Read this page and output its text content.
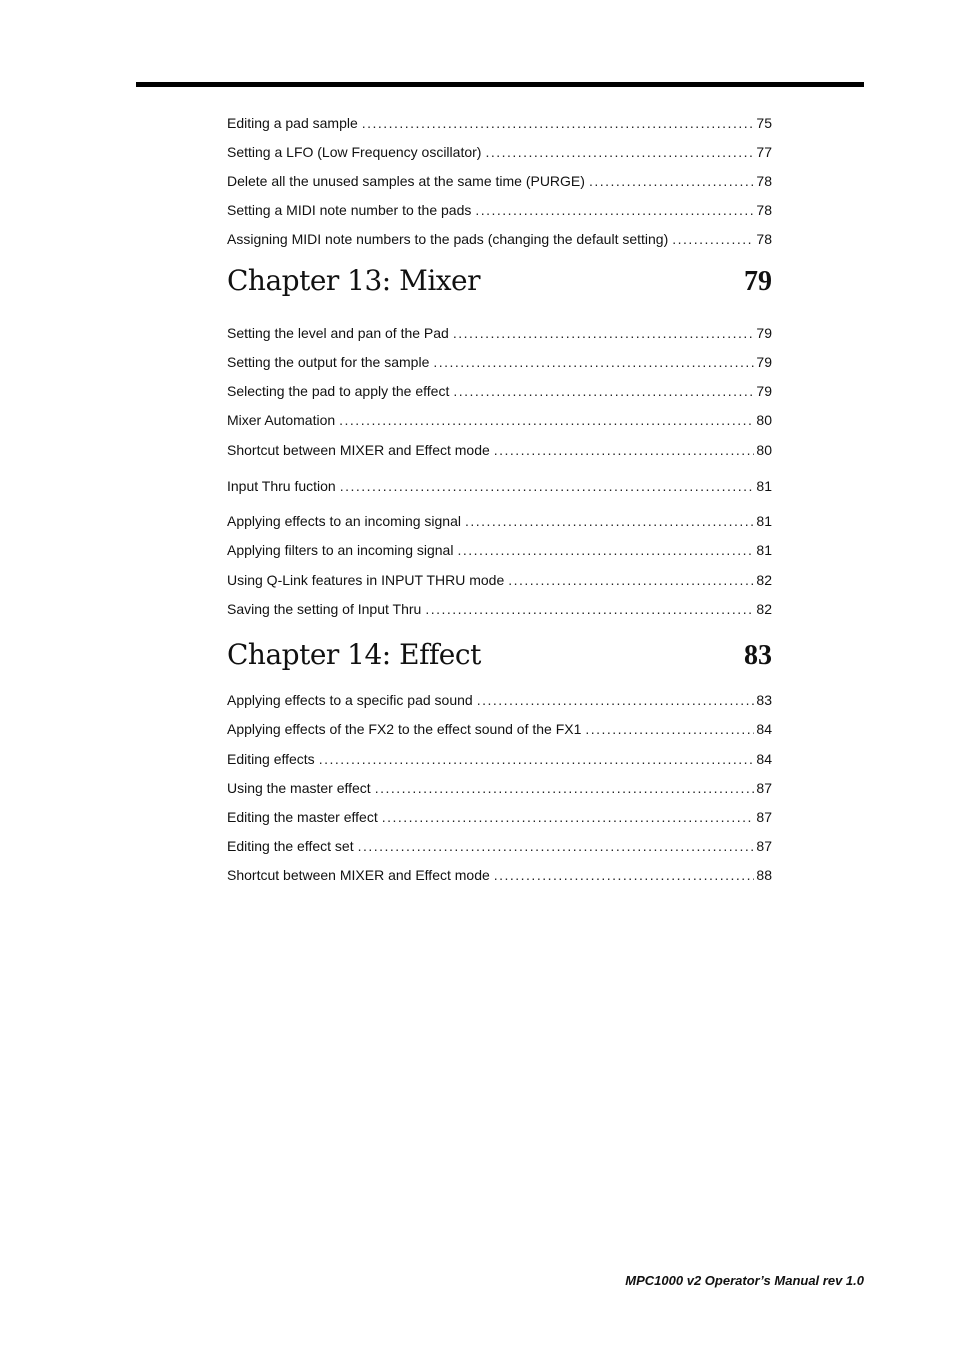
Editing a pad sample . . .	75
Setting a LFO (Low Frequency oscillator) . . .	77
Delete all the unused samples at the same time (PURGE) . . .	78
Setting a MIDI note number to the pads . . .	78
Assigning MIDI note numbers to the pads (changing the default setting) . . .	78
Chapter 13: Mixer	79
Setting the level and pan of the Pad . . .	79
Setting the output for the sample . . .	79
Selecting the pad to apply the effect . . .	79
Mixer Automation . . .	80
Shortcut between MIXER and Effect mode . . .	80
Input Thru fuction . . .	81
Applying effects to an incoming signal . . .	81
Applying filters to an incoming signal . . .	81
Using Q-Link features in INPUT THRU mode . . .	82
Saving the setting of Input Thru . . .	82
Chapter 14: Effect	83
Applying effects to a specific pad sound . . .	83
Applying effects of the FX2 to the effect sound of the FX1 . . .	84
Editing effects . . .	84
Using the master effect . . .	87
Editing the master effect . . .	87
Editing the effect set . . .	87
Shortcut between MIXER and Effect mode . . .	88
MPC1000 v2 Operator’s Manual rev 1.0
